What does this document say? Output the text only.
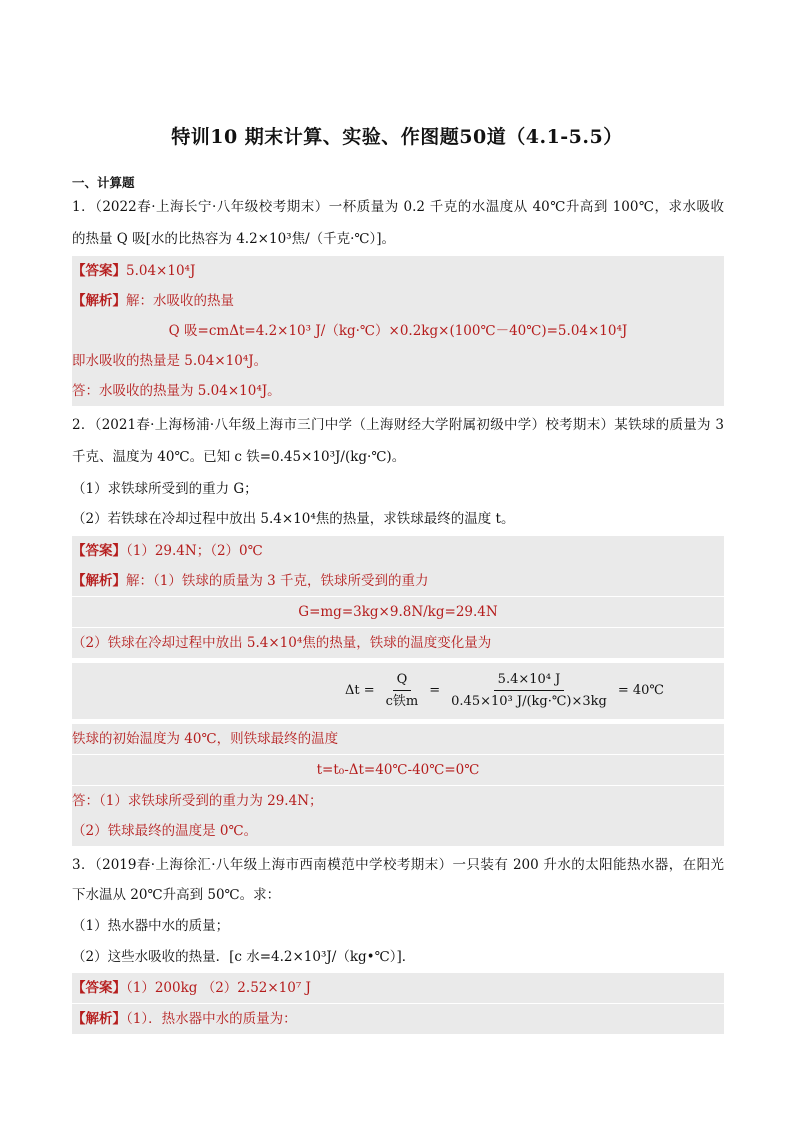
特训10 期末计算、实验、作图题50道（4.1-5.5）
一、计算题
1．（2022春·上海长宁·八年级校考期末）一杯质量为 0.2 千克的水温度从 40℃升高到 100℃，求水吸收
的热量 Q 吸[水的比热容为 4.2×10³焦/（千克·℃）]。
【答案】5.04×10⁴J
【解析】解：水吸收的热量
Q 吸=cmΔt=4.2×10³ J/（kg·℃）×0.2kg×(100℃－40℃)=5.04×10⁴J
即水吸收的热量是 5.04×10⁴J。
答：水吸收的热量为 5.04×10⁴J。
2．（2021春·上海杨浦·八年级上海市三门中学（上海财经大学附属初级中学）校考期末）某铁球的质量为 3
千克、温度为 40℃。已知 c 铁=0.45×10³J/(kg·℃)。
（1）求铁球所受到的重力 G；
（2）若铁球在冷却过程中放出 5.4×10⁴焦的热量，求铁球最终的温度 t。
【答案】（1）29.4N；（2）0℃
【解析】解：（1）铁球的质量为 3 千克，铁球所受到的重力
G=mg=3kg×9.8N/kg=29.4N
（2）铁球在冷却过程中放出 5.4×10⁴焦的热量，铁球的温度变化量为
$\Delta t = \frac{Q}{\text{c铁m}} = \frac{\text{5.4×10⁴ J}}{\text{0.45×10³ J/(kg·℃)×3kg}}$ = 40℃
铁球的初始温度为 40℃，则铁球最终的温度
t=t₀-Δt=40℃-40℃=0℃
答：（1）求铁球所受到的重力为 29.4N；
（2）铁球最终的温度是 0℃。
3．（2019春·上海徐汇·八年级上海市西南模范中学校考期末）一只装有 200 升水的太阳能热水器，在阳光
下水温从 20℃升高到 50℃。求：
（1）热水器中水的质量；
（2）这些水吸收的热量．[c 水=4.2×10³J/（kg•℃）]．
【答案】（1）200kg （2）2.52×10⁷ J
【解析】（1）．热水器中水的质量为：
